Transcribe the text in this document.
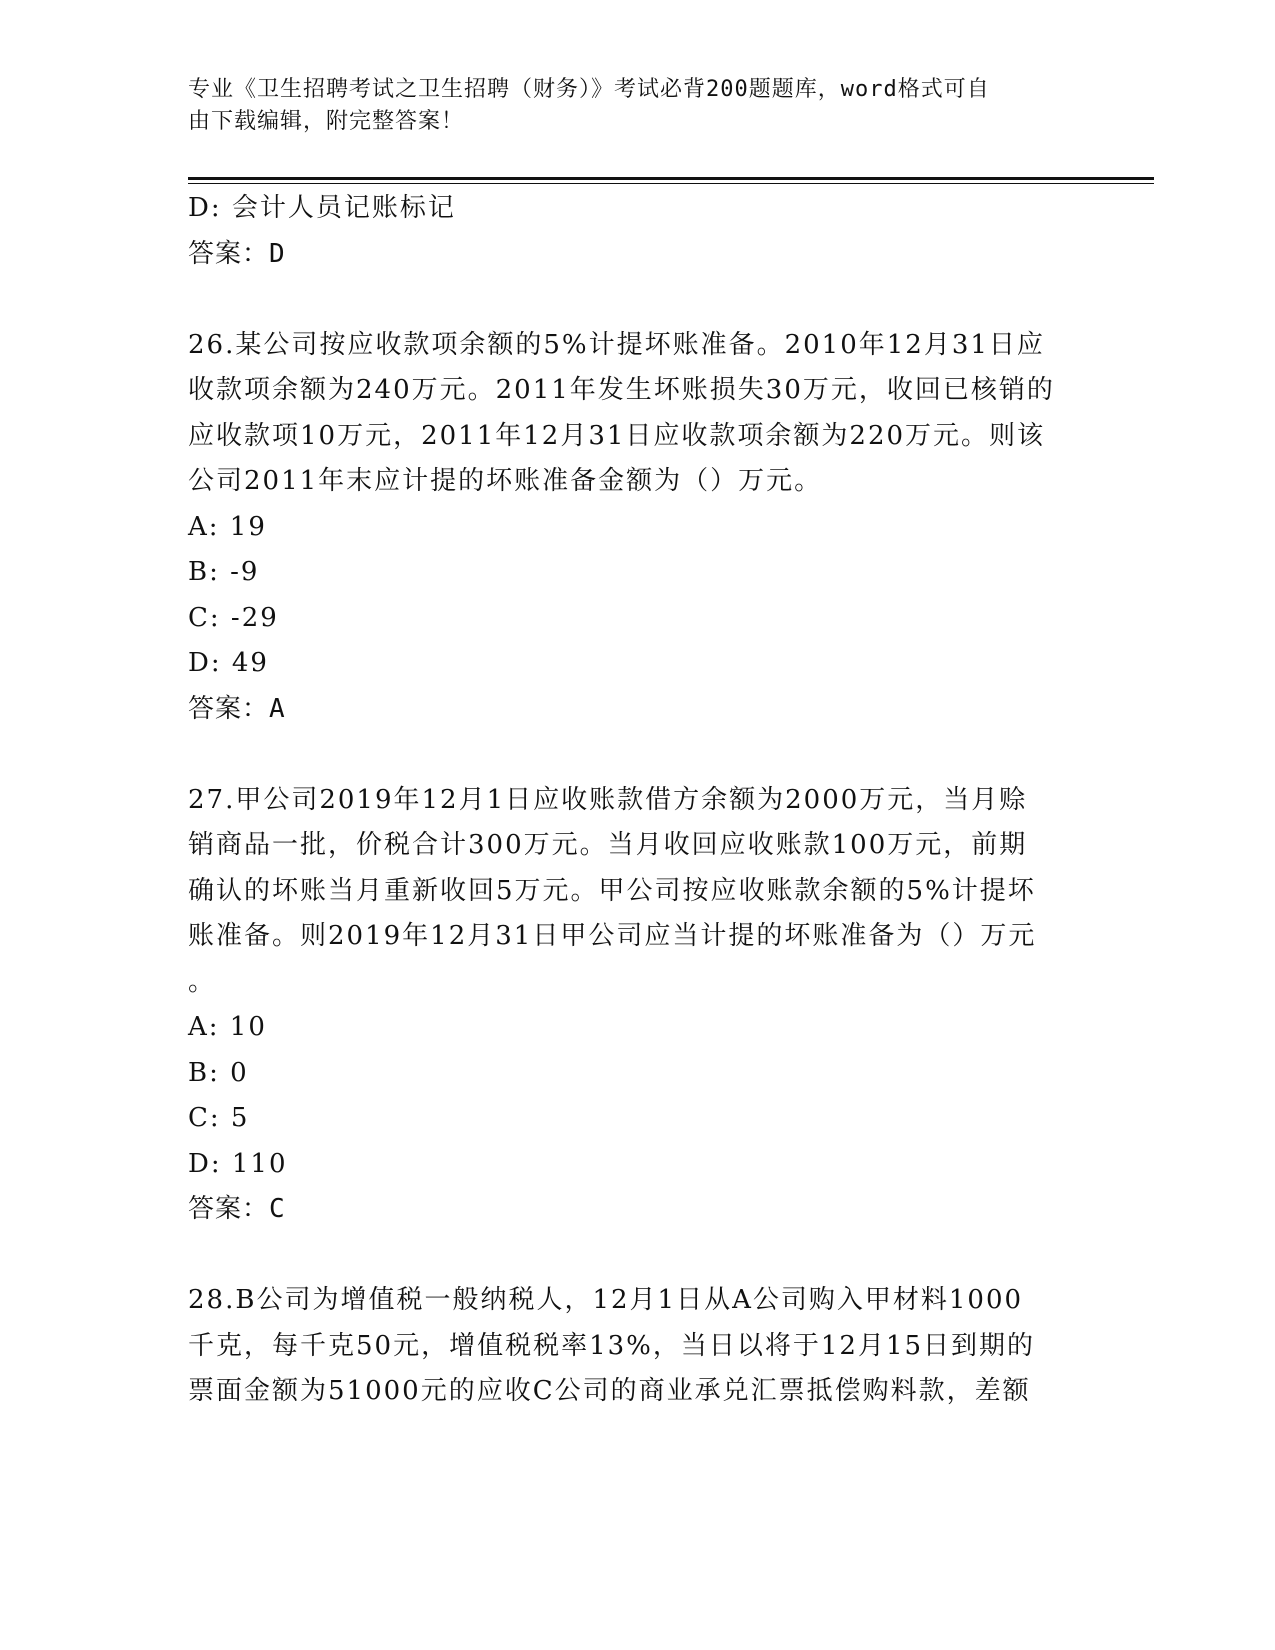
专业《卫生招聘考试之卫生招聘（财务）》考试必背200题题库，word格式可自
由下载编辑，附完整答案！
D: 会计人员记账标记
答案：D
26.某公司按应收款项余额的5%计提坏账准备。2010年12月31日应
收款项余额为240万元。2011年发生坏账损失30万元，收回已核销的
应收款项10万元，2011年12月31日应收款项余额为220万元。则该
公司2011年末应计提的坏账准备金额为（）万元。
A: 19
B: -9
C: -29
D: 49
答案：A
27.甲公司2019年12月1日应收账款借方余额为2000万元，当月赊
销商品一批，价税合计300万元。当月收回应收账款100万元，前期
确认的坏账当月重新收回5万元。甲公司按应收账款余额的5%计提坏
账准备。则2019年12月31日甲公司应当计提的坏账准备为（）万元
。
A: 10
B: 0
C: 5
D: 110
答案：C
28.B公司为增值税一般纳税人，12月1日从A公司购入甲材料1000
千克，每千克50元，增值税税率13%，当日以将于12月15日到期的
票面金额为51000元的应收C公司的商业承兑汇票抵偿购料款，差额
